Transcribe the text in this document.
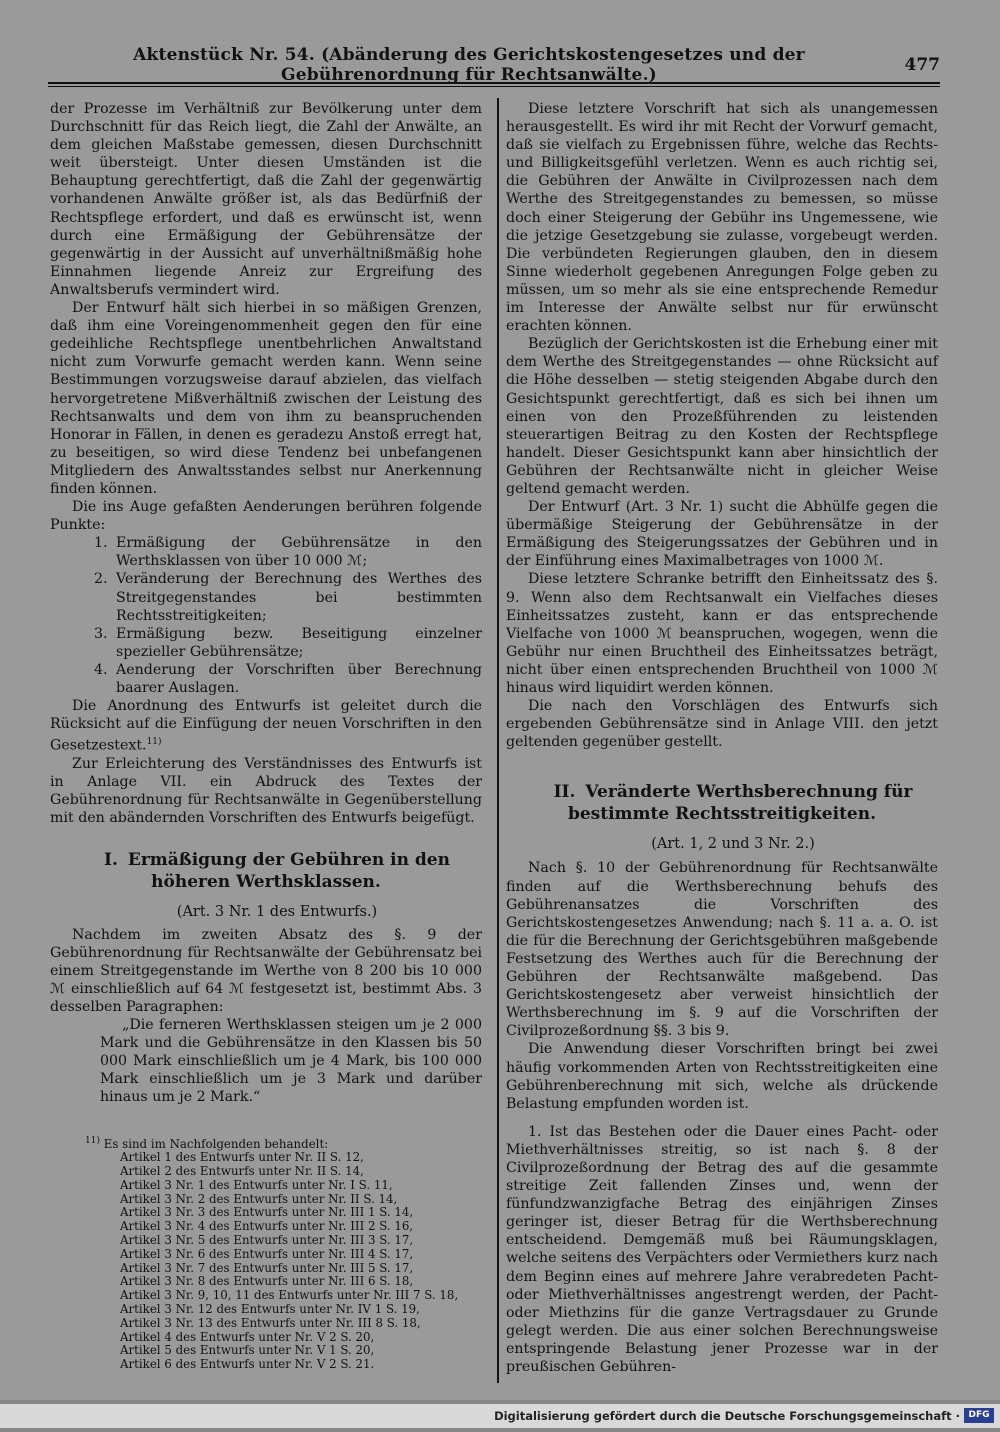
Aktenstück Nr. 54. (Abänderung des Gerichtskostengesetzes und der Gebührenordnung für Rechtsanwälte.)	477

der Prozesse im Verhältniß zur Bevölkerung unter dem Durchschnitt für das Reich liegt, die Zahl der Anwälte, an dem gleichen Maßstabe gemessen, diesen Durchschnitt weit übersteigt. Unter diesen Umständen ist die Behauptung gerechtfertigt, daß die Zahl der gegenwärtig vorhandenen Anwälte größer ist, als das Bedürfniß der Rechtspflege erfordert, und daß es erwünscht ist, wenn durch eine Ermäßigung der Gebührensätze der gegenwärtig in der Aussicht auf unverhältnißmäßig hohe Einnahmen liegende Anreiz zur Ergreifung des Anwaltsberufs vermindert wird.

Der Entwurf hält sich hierbei in so mäßigen Grenzen, daß ihm eine Voreingenommenheit gegen den für eine gedeihliche Rechtspflege unentbehrlichen Anwaltstand nicht zum Vorwurfe gemacht werden kann. Wenn seine Bestimmungen vorzugsweise darauf abzielen, das vielfach hervorgetretene Mißverhältniß zwischen der Leistung des Rechtsanwalts und dem von ihm zu beanspruchenden Honorar in Fällen, in denen es geradezu Anstoß erregt hat, zu beseitigen, so wird diese Tendenz bei unbefangenen Mitgliedern des Anwaltsstandes selbst nur Anerkennung finden können.

Die ins Auge gefaßten Aenderungen berühren folgende Punkte:

1. Ermäßigung der Gebührensätze in den Werthsklassen von über 10 000 ℳ;
2. Veränderung der Berechnung des Werthes des Streitgegenstandes bei bestimmten Rechtsstreitigkeiten;
3. Ermäßigung bezw. Beseitigung einzelner spezieller Gebührensätze;
4. Aenderung der Vorschriften über Berechnung baarer Auslagen.

Die Anordnung des Entwurfs ist geleitet durch die Rücksicht auf die Einfügung der neuen Vorschriften in den Gesetzestext.$^{11)}$

Zur Erleichterung des Verständnisses des Entwurfs ist in Anlage VII. ein Abdruck des Textes der Gebührenordnung für Rechtsanwälte in Gegenüberstellung mit den abändernden Vorschriften des Entwurfs beigefügt.

I. Ermäßigung der Gebühren in den höheren Werthsklassen.

(Art. 3 Nr. 1 des Entwurfs.)

Nachdem im zweiten Absatz des §. 9 der Gebührenordnung für Rechtsanwälte der Gebührensatz bei einem Streitgegenstande im Werthe von 8 200 bis 10 000 ℳ einschließlich auf 64 ℳ festgesetzt ist, bestimmt Abs. 3 desselben Paragraphen:

„Die ferneren Werthsklassen steigen um je 2 000 Mark und die Gebührensätze in den Klassen bis 50 000 Mark einschließlich um je 4 Mark, bis 100 000 Mark einschließlich um je 3 Mark und darüber hinaus um je 2 Mark.“

$^{11)}$ Es sind im Nachfolgenden behandelt:
Artikel 1 des Entwurfs unter Nr. II S. 12,
Artikel 2 des Entwurfs unter Nr. II S. 14,
Artikel 3 Nr. 1 des Entwurfs unter Nr. I S. 11,
Artikel 3 Nr. 2 des Entwurfs unter Nr. II S. 14,
Artikel 3 Nr. 3 des Entwurfs unter Nr. III 1 S. 14,
Artikel 3 Nr. 4 des Entwurfs unter Nr. III 2 S. 16,
Artikel 3 Nr. 5 des Entwurfs unter Nr. III 3 S. 17,
Artikel 3 Nr. 6 des Entwurfs unter Nr. III 4 S. 17,
Artikel 3 Nr. 7 des Entwurfs unter Nr. III 5 S. 17,
Artikel 3 Nr. 8 des Entwurfs unter Nr. III 6 S. 18,
Artikel 3 Nr. 9, 10, 11 des Entwurfs unter Nr. III 7 S. 18,
Artikel 3 Nr. 12 des Entwurfs unter Nr. IV 1 S. 19,
Artikel 3 Nr. 13 des Entwurfs unter Nr. III 8 S. 18,
Artikel 4 des Entwurfs unter Nr. V 2 S. 20,
Artikel 5 des Entwurfs unter Nr. V 1 S. 20,
Artikel 6 des Entwurfs unter Nr. V 2 S. 21.

Diese letztere Vorschrift hat sich als unangemessen herausgestellt. Es wird ihr mit Recht der Vorwurf gemacht, daß sie vielfach zu Ergebnissen führe, welche das Rechts- und Billigkeitsgefühl verletzen. Wenn es auch richtig sei, die Gebühren der Anwälte in Civilprozessen nach dem Werthe des Streitgegenstandes zu bemessen, so müsse doch einer Steigerung der Gebühr ins Ungemessene, wie die jetzige Gesetzgebung sie zulasse, vorgebeugt werden. Die verbündeten Regierungen glauben, den in diesem Sinne wiederholt gegebenen Anregungen Folge geben zu müssen, um so mehr als sie eine entsprechende Remedur im Interesse der Anwälte selbst nur für erwünscht erachten können.

Bezüglich der Gerichtskosten ist die Erhebung einer mit dem Werthe des Streitgegenstandes — ohne Rücksicht auf die Höhe desselben — stetig steigenden Abgabe durch den Gesichtspunkt gerechtfertigt, daß es sich bei ihnen um einen von den Prozeßführenden zu leistenden steuerartigen Beitrag zu den Kosten der Rechtspflege handelt. Dieser Gesichtspunkt kann aber hinsichtlich der Gebühren der Rechtsanwälte nicht in gleicher Weise geltend gemacht werden.

Der Entwurf (Art. 3 Nr. 1) sucht die Abhülfe gegen die übermäßige Steigerung der Gebührensätze in der Ermäßigung des Steigerungssatzes der Gebühren und in der Einführung eines Maximalbetrages von 1000 ℳ.

Diese letztere Schranke betrifft den Einheitssatz des §. 9. Wenn also dem Rechtsanwalt ein Vielfaches dieses Einheitssatzes zusteht, kann er das entsprechende Vielfache von 1000 ℳ beanspruchen, wogegen, wenn die Gebühr nur einen Bruchtheil des Einheitssatzes beträgt, nicht über einen entsprechenden Bruchtheil von 1000 ℳ hinaus wird liquidirt werden können.

Die nach den Vorschlägen des Entwurfs sich ergebenden Gebührensätze sind in Anlage VIII. den jetzt geltenden gegenüber gestellt.

II. Veränderte Werthsberechnung für bestimmte Rechtsstreitigkeiten.

(Art. 1, 2 und 3 Nr. 2.)

Nach §. 10 der Gebührenordnung für Rechtsanwälte finden auf die Werthsberechnung behufs des Gebührenansatzes die Vorschriften des Gerichtskostengesetzes Anwendung; nach §. 11 a. a. O. ist die für die Berechnung der Gerichtsgebühren maßgebende Festsetzung des Werthes auch für die Berechnung der Gebühren der Rechtsanwälte maßgebend. Das Gerichtskostengesetz aber verweist hinsichtlich der Werthsberechnung im §. 9 auf die Vorschriften der Civilprozeßordnung §§. 3 bis 9.

Die Anwendung dieser Vorschriften bringt bei zwei häufig vorkommenden Arten von Rechtsstreitigkeiten eine Gebührenberechnung mit sich, welche als drückende Belastung empfunden worden ist.

1. Ist das Bestehen oder die Dauer eines Pacht- oder Miethverhältnisses streitig, so ist nach §. 8 der Civilprozeßordnung der Betrag des auf die gesammte streitige Zeit fallenden Zinses und, wenn der fünfundzwanzigfache Betrag des einjährigen Zinses geringer ist, dieser Betrag für die Werthsberechnung entscheidend. Demgemäß muß bei Räumungsklagen, welche seitens des Verpächters oder Vermiethers kurz nach dem Beginn eines auf mehrere Jahre verabredeten Pacht- oder Miethverhältnisses angestrengt werden, der Pacht- oder Miethzins für die ganze Vertragsdauer zu Grunde gelegt werden. Die aus einer solchen Berechnungsweise entspringende Belastung jener Prozesse war in der preußischen Gebühren-

Digitalisierung gefördert durch die Deutsche Forschungsgemeinschaft · DFG
